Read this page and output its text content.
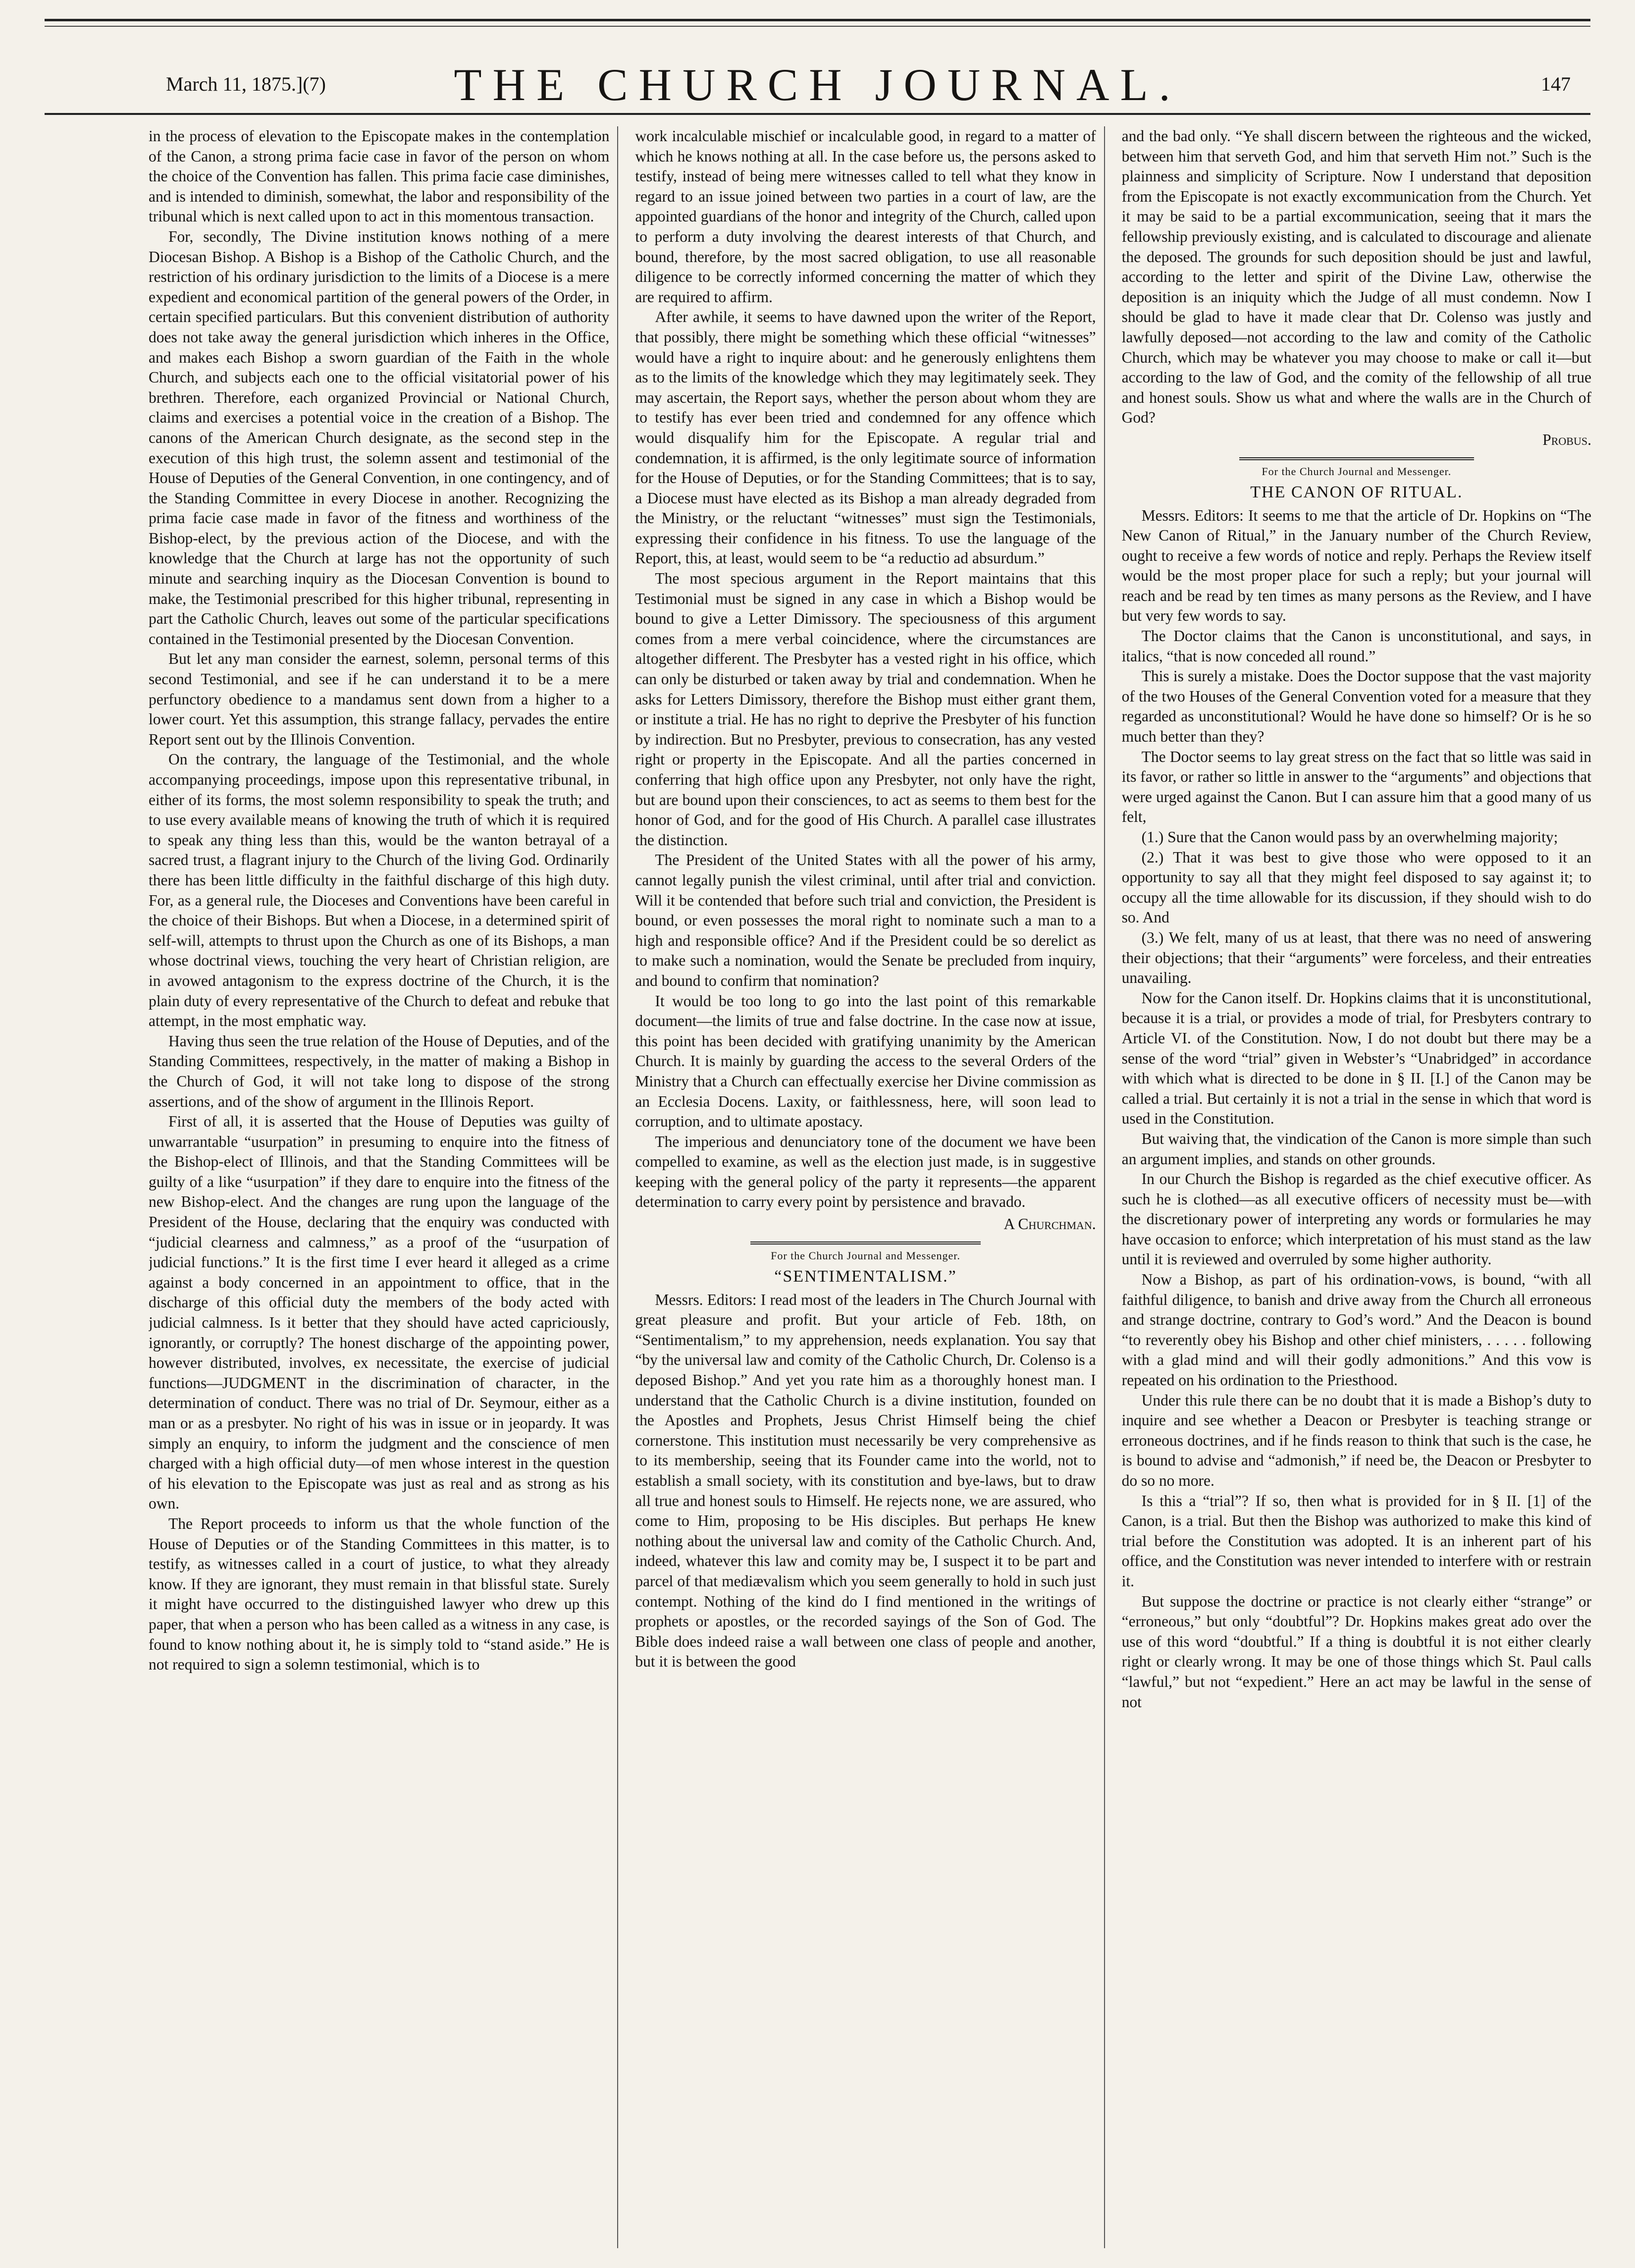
March 11, 1875.](7)	THE CHURCH JOURNAL.	147

in the process of elevation to the Episcopate makes in the contemplation of the Canon, a strong prima facie case in favor of the person on whom the choice of the Convention has fallen. This prima facie case diminishes, and is intended to diminish, somewhat, the labor and responsibility of the tribunal which is next called upon to act in this momentous transaction.

For, secondly, The Divine institution knows nothing of a mere Diocesan Bishop. A Bishop is a Bishop of the Catholic Church, and the restriction of his ordinary jurisdiction to the limits of a Diocese is a mere expedient and economical partition of the general powers of the Order, in certain specified particulars. But this convenient distribution of authority does not take away the general jurisdiction which inheres in the Office, and makes each Bishop a sworn guardian of the Faith in the whole Church, and subjects each one to the official visitatorial power of his brethren. Therefore, each organized Provincial or National Church, claims and exercises a potential voice in the creation of a Bishop. The canons of the American Church designate, as the second step in the execution of this high trust, the solemn assent and testimonial of the House of Deputies of the General Convention, in one contingency, and of the Standing Committee in every Diocese in another. Recognizing the prima facie case made in favor of the fitness and worthiness of the Bishop-elect, by the previous action of the Diocese, and with the knowledge that the Church at large has not the opportunity of such minute and searching inquiry as the Diocesan Convention is bound to make, the Testimonial prescribed for this higher tribunal, representing in part the Catholic Church, leaves out some of the particular specifications contained in the Testimonial presented by the Diocesan Convention.

But let any man consider the earnest, solemn, personal terms of this second Testimonial, and see if he can understand it to be a mere perfunctory obedience to a mandamus sent down from a higher to a lower court. Yet this assumption, this strange fallacy, pervades the entire Report sent out by the Illinois Convention.

On the contrary, the language of the Testimonial, and the whole accompanying proceedings, impose upon this representative tribunal, in either of its forms, the most solemn responsibility to speak the truth; and to use every available means of knowing the truth of which it is required to speak any thing less than this, would be the wanton betrayal of a sacred trust, a flagrant injury to the Church of the living God. Ordinarily there has been little difficulty in the faithful discharge of this high duty. For, as a general rule, the Dioceses and Conventions have been careful in the choice of their Bishops. But when a Diocese, in a determined spirit of self-will, attempts to thrust upon the Church as one of its Bishops, a man whose doctrinal views, touching the very heart of Christian religion, are in avowed antagonism to the express doctrine of the Church, it is the plain duty of every representative of the Church to defeat and rebuke that attempt, in the most emphatic way.

Having thus seen the true relation of the House of Deputies, and of the Standing Committees, respectively, in the matter of making a Bishop in the Church of God, it will not take long to dispose of the strong assertions, and of the show of argument in the Illinois Report.

First of all, it is asserted that the House of Deputies was guilty of unwarrantable “usurpation” in presuming to enquire into the fitness of the Bishop-elect of Illinois, and that the Standing Committees will be guilty of a like “usurpation” if they dare to enquire into the fitness of the new Bishop-elect. And the changes are rung upon the language of the President of the House, declaring that the enquiry was conducted with “judicial clearness and calmness,” as a proof of the “usurpation of judicial functions.” It is the first time I ever heard it alleged as a crime against a body concerned in an appointment to office, that in the discharge of this official duty the members of the body acted with judicial calmness. Is it better that they should have acted capriciously, ignorantly, or corruptly? The honest discharge of the appointing power, however distributed, involves, ex necessitate, the exercise of judicial functions—JUDGMENT in the discrimination of character, in the determination of conduct. There was no trial of Dr. Seymour, either as a man or as a presbyter. No right of his was in issue or in jeopardy. It was simply an enquiry, to inform the judgment and the conscience of men charged with a high official duty—of men whose interest in the question of his elevation to the Episcopate was just as real and as strong as his own.

The Report proceeds to inform us that the whole function of the House of Deputies or of the Standing Committees in this matter, is to testify, as witnesses called in a court of justice, to what they already know. If they are ignorant, they must remain in that blissful state. Surely it might have occurred to the distinguished lawyer who drew up this paper, that when a person who has been called as a witness in any case, is found to know nothing about it, he is simply told to “stand aside.” He is not required to sign a solemn testimonial, which is to

work incalculable mischief or incalculable good, in regard to a matter of which he knows nothing at all. In the case before us, the persons asked to testify, instead of being mere witnesses called to tell what they know in regard to an issue joined between two parties in a court of law, are the appointed guardians of the honor and integrity of the Church, called upon to perform a duty involving the dearest interests of that Church, and bound, therefore, by the most sacred obligation, to use all reasonable diligence to be correctly informed concerning the matter of which they are required to affirm.

After awhile, it seems to have dawned upon the writer of the Report, that possibly, there might be something which these official “witnesses” would have a right to inquire about: and he generously enlightens them as to the limits of the knowledge which they may legitimately seek. They may ascertain, the Report says, whether the person about whom they are to testify has ever been tried and condemned for any offence which would disqualify him for the Episcopate. A regular trial and condemnation, it is affirmed, is the only legitimate source of information for the House of Deputies, or for the Standing Committees; that is to say, a Diocese must have elected as its Bishop a man already degraded from the Ministry, or the reluctant “witnesses” must sign the Testimonials, expressing their confidence in his fitness. To use the language of the Report, this, at least, would seem to be “a reductio ad absurdum.”

The most specious argument in the Report maintains that this Testimonial must be signed in any case in which a Bishop would be bound to give a Letter Dimissory. The speciousness of this argument comes from a mere verbal coincidence, where the circumstances are altogether different. The Presbyter has a vested right in his office, which can only be disturbed or taken away by trial and condemnation. When he asks for Letters Dimissory, therefore the Bishop must either grant them, or institute a trial. He has no right to deprive the Presbyter of his function by indirection. But no Presbyter, previous to consecration, has any vested right or property in the Episcopate. And all the parties concerned in conferring that high office upon any Presbyter, not only have the right, but are bound upon their consciences, to act as seems to them best for the honor of God, and for the good of His Church. A parallel case illustrates the distinction.

The President of the United States with all the power of his army, cannot legally punish the vilest criminal, until after trial and conviction. Will it be contended that before such trial and conviction, the President is bound, or even possesses the moral right to nominate such a man to a high and responsible office? And if the President could be so derelict as to make such a nomination, would the Senate be precluded from inquiry, and bound to confirm that nomination?

It would be too long to go into the last point of this remarkable document—the limits of true and false doctrine. In the case now at issue, this point has been decided with gratifying unanimity by the American Church. It is mainly by guarding the access to the several Orders of the Ministry that a Church can effectually exercise her Divine commission as an Ecclesia Docens. Laxity, or faithlessness, here, will soon lead to corruption, and to ultimate apostacy.

The imperious and denunciatory tone of the document we have been compelled to examine, as well as the election just made, is in suggestive keeping with the general policy of the party it represents—the apparent determination to carry every point by persistence and bravado.

A Churchman.

For the Church Journal and Messenger.
“SENTIMENTALISM.”

Messrs. Editors: I read most of the leaders in The Church Journal with great pleasure and profit. But your article of Feb. 18th, on “Sentimentalism,” to my apprehension, needs explanation. You say that “by the universal law and comity of the Catholic Church, Dr. Colenso is a deposed Bishop.” And yet you rate him as a thoroughly honest man. I understand that the Catholic Church is a divine institution, founded on the Apostles and Prophets, Jesus Christ Himself being the chief cornerstone. This institution must necessarily be very comprehensive as to its membership, seeing that its Founder came into the world, not to establish a small society, with its constitution and bye-laws, but to draw all true and honest souls to Himself. He rejects none, we are assured, who come to Him, proposing to be His disciples. But perhaps He knew nothing about the universal law and comity of the Catholic Church. And, indeed, whatever this law and comity may be, I suspect it to be part and parcel of that mediævalism which you seem generally to hold in such just contempt. Nothing of the kind do I find mentioned in the writings of prophets or apostles, or the recorded sayings of the Son of God. The Bible does indeed raise a wall between one class of people and another, but it is between the good

and the bad only. “Ye shall discern between the righteous and the wicked, between him that serveth God, and him that serveth Him not.” Such is the plainness and simplicity of Scripture. Now I understand that deposition from the Episcopate is not exactly excommunication from the Church. Yet it may be said to be a partial excommunication, seeing that it mars the fellowship previously existing, and is calculated to discourage and alienate the deposed. The grounds for such deposition should be just and lawful, according to the letter and spirit of the Divine Law, otherwise the deposition is an iniquity which the Judge of all must condemn. Now I should be glad to have it made clear that Dr. Colenso was justly and lawfully deposed—not according to the law and comity of the Catholic Church, which may be whatever you may choose to make or call it—but according to the law of God, and the comity of the fellowship of all true and honest souls. Show us what and where the walls are in the Church of God?

Probus.

For the Church Journal and Messenger.
THE CANON OF RITUAL.

Messrs. Editors: It seems to me that the article of Dr. Hopkins on “The New Canon of Ritual,” in the January number of the Church Review, ought to receive a few words of notice and reply. Perhaps the Review itself would be the most proper place for such a reply; but your journal will reach and be read by ten times as many persons as the Review, and I have but very few words to say.

The Doctor claims that the Canon is unconstitutional, and says, in italics, “that is now conceded all round.”

This is surely a mistake. Does the Doctor suppose that the vast majority of the two Houses of the General Convention voted for a measure that they regarded as unconstitutional? Would he have done so himself? Or is he so much better than they?

The Doctor seems to lay great stress on the fact that so little was said in its favor, or rather so little in answer to the “arguments” and objections that were urged against the Canon. But I can assure him that a good many of us felt,

(1.) Sure that the Canon would pass by an overwhelming majority;

(2.) That it was best to give those who were opposed to it an opportunity to say all that they might feel disposed to say against it; to occupy all the time allowable for its discussion, if they should wish to do so. And

(3.) We felt, many of us at least, that there was no need of answering their objections; that their “arguments” were forceless, and their entreaties unavailing.

Now for the Canon itself. Dr. Hopkins claims that it is unconstitutional, because it is a trial, or provides a mode of trial, for Presbyters contrary to Article VI. of the Constitution. Now, I do not doubt but there may be a sense of the word “trial” given in Webster’s “Unabridged” in accordance with which what is directed to be done in § II. [I.] of the Canon may be called a trial. But certainly it is not a trial in the sense in which that word is used in the Constitution.

But waiving that, the vindication of the Canon is more simple than such an argument implies, and stands on other grounds.

In our Church the Bishop is regarded as the chief executive officer. As such he is clothed—as all executive officers of necessity must be—with the discretionary power of interpreting any words or formularies he may have occasion to enforce; which interpretation of his must stand as the law until it is reviewed and overruled by some higher authority.

Now a Bishop, as part of his ordination-vows, is bound, “with all faithful diligence, to banish and drive away from the Church all erroneous and strange doctrine, contrary to God’s word.” And the Deacon is bound “to reverently obey his Bishop and other chief ministers, . . . . . following with a glad mind and will their godly admonitions.” And this vow is repeated on his ordination to the Priesthood.

Under this rule there can be no doubt that it is made a Bishop’s duty to inquire and see whether a Deacon or Presbyter is teaching strange or erroneous doctrines, and if he finds reason to think that such is the case, he is bound to advise and “admonish,” if need be, the Deacon or Presbyter to do so no more.

Is this a “trial”? If so, then what is provided for in § II. [1] of the Canon, is a trial. But then the Bishop was authorized to make this kind of trial before the Constitution was adopted. It is an inherent part of his office, and the Constitution was never intended to interfere with or restrain it.

But suppose the doctrine or practice is not clearly either “strange” or “erroneous,” but only “doubtful”? Dr. Hopkins makes great ado over the use of this word “doubtful.” If a thing is doubtful it is not either clearly right or clearly wrong. It may be one of those things which St. Paul calls “lawful,” but not “expedient.” Here an act may be lawful in the sense of not
